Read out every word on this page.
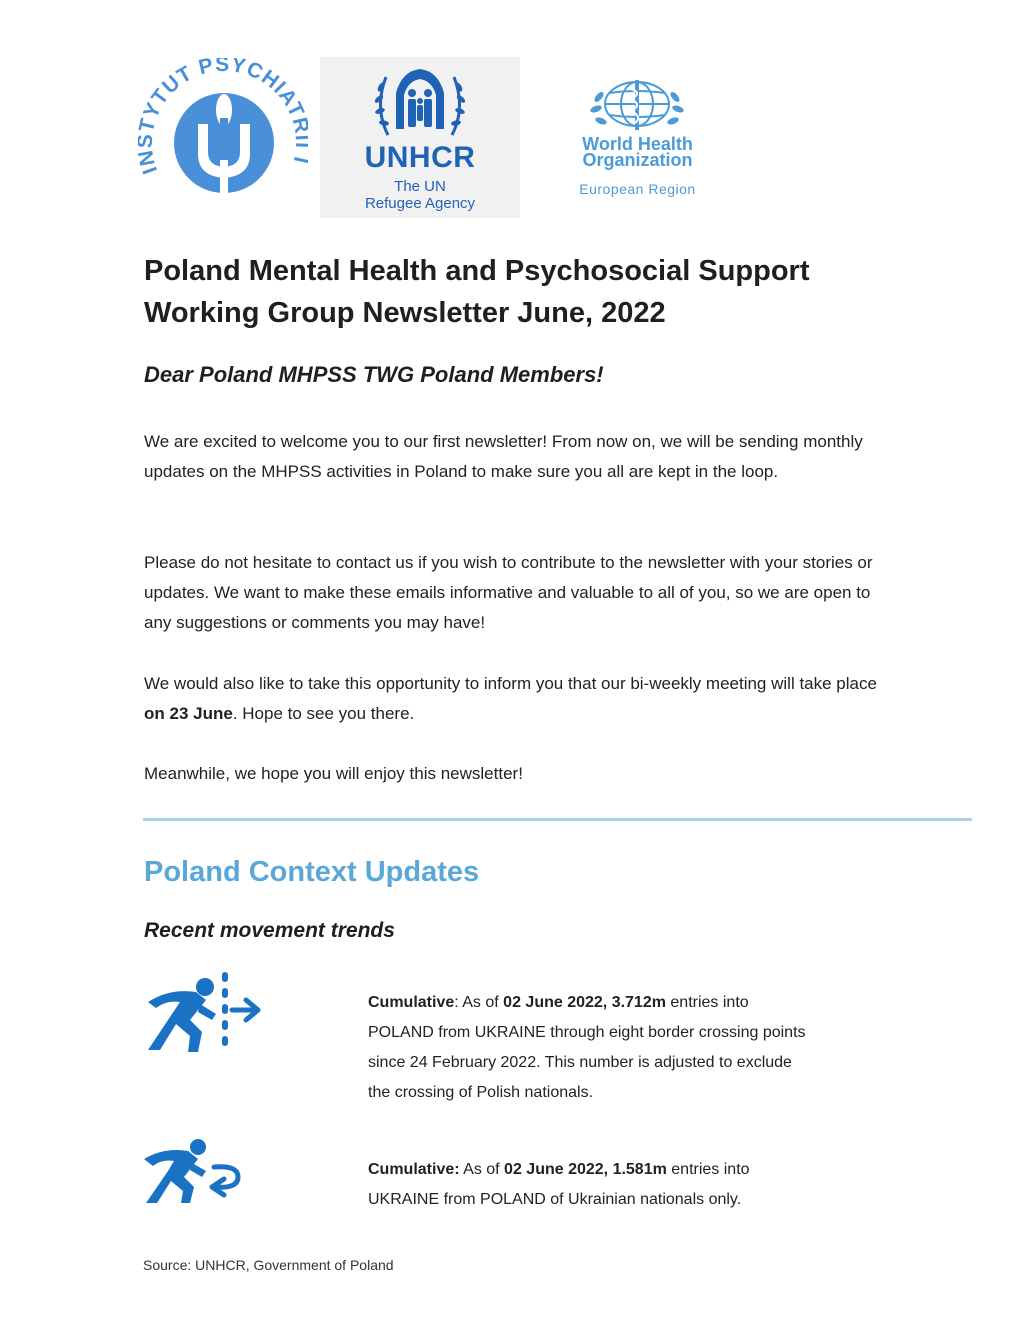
I YTUT PSYCHIAT
UNHCR
The UN
Refugee Agency
World Health
Organization
European Region
Poland Mental Health and Psychosocial Support Working Group Newsletter June, 2022
Dear Poland MHPSS TWG Poland Members!
We are excited to welcome you to our first newsletter! From now on, we will be sending monthly updates on the MHPSS activities in Poland to make sure you all are kept in the loop.
Please do not hesitate to contact us if you wish to contribute to the newsletter with your stories or updates. We want to make these emails informative and valuable to all of you, so we are open to any suggestions or comments you may have!
We would also like to take this opportunity to inform you that our bi-weekly meeting will take place on 23 June. Hope to see you there.
Meanwhile, we hope you will enjoy this newsletter!
Poland Context Updates
Recent movement trends
Cumulative: As of 02 June 2022, 3.712m entries into POLAND from UKRAINE through eight border crossing points since 24 February 2022. This number is adjusted to exclude the crossing of Polish nationals.
Cumulative: As of 02 June 2022, 1.581m entries into UKRAINE from POLAND of Ukrainian nationals only.
Source: UNHCR, Government of Poland
